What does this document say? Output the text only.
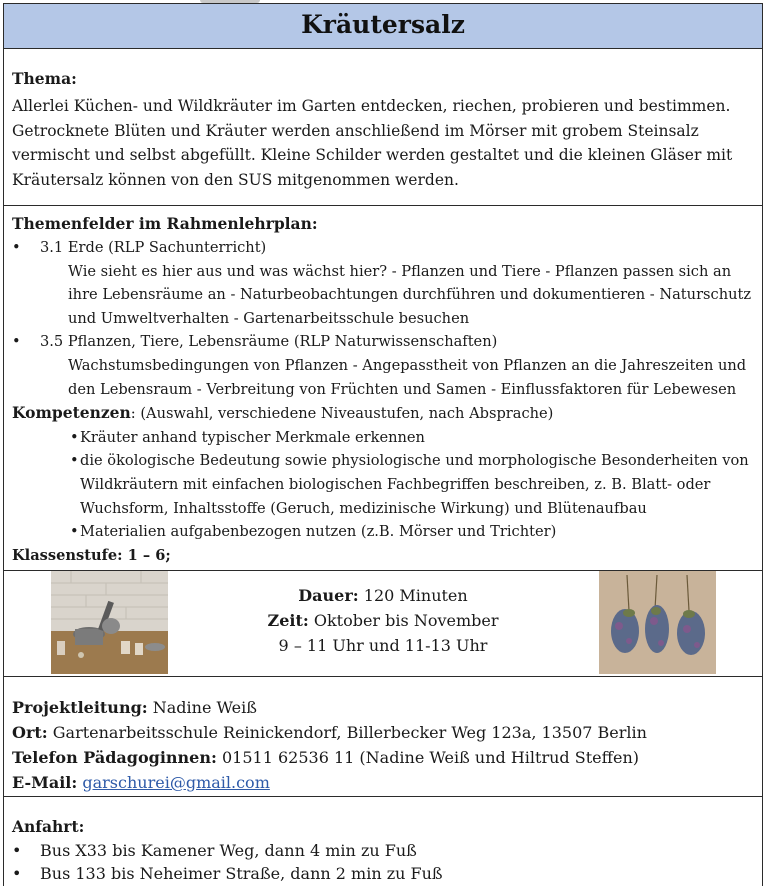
Kräutersalz
Thema:
Allerlei Küchen- und Wildkräuter im Garten entdecken, riechen, probieren und bestimmen. Getrocknete Blüten und Kräuter werden anschließend im Mörser mit grobem Steinsalz vermischt und selbst abgefüllt. Kleine Schilder werden gestaltet und die kleinen Gläser mit Kräutersalz können von den SUS mitgenommen werden.
Themenfelder im Rahmenlehrplan:
• 3.1 Erde (RLP Sachunterricht)
Wie sieht es hier aus und was wächst hier? - Pflanzen und Tiere - Pflanzen passen sich an ihre Lebensräume an - Naturbeobachtungen durchführen und dokumentieren - Naturschutz und Umweltverhalten - Gartenarbeitsschule besuchen
• 3.5 Pflanzen, Tiere, Lebensräume (RLP Naturwissenschaften)
Wachstumsbedingungen von Pflanzen - Angepasstheit von Pflanzen an die Jahreszeiten und den Lebensraum - Verbreitung von Früchten und Samen - Einflussfaktoren für Lebewesen
Kompetenzen: (Auswahl, verschiedene Niveaustufen, nach Absprache)
• Kräuter anhand typischer Merkmale erkennen
• die ökologische Bedeutung sowie physiologische und morphologische Besonderheiten von Wildkräutern mit einfachen biologischen Fachbegriffen beschreiben, z. B. Blatt- oder Wuchsform, Inhaltsstoffe (Geruch, medizinische Wirkung) und Blütenaufbau
• Materialien aufgabenbezogen nutzen (z.B. Mörser und Trichter)
Klassenstufe: 1 – 6;
Dauer: 120 Minuten
Zeit: Oktober bis November
9 – 11 Uhr und 11-13 Uhr
Projektleitung: Nadine Weiß
Ort: Gartenarbeitsschule Reinickendorf, Billerbecker Weg 123a, 13507 Berlin
Telefon Pädagoginnen: 01511 62536 11 (Nadine Weiß und Hiltrud Steffen)
E-Mail: garschurei@gmail.com
Anfahrt:
• Bus X33 bis Kamener Weg, dann 4 min zu Fuß
• Bus 133 bis Neheimer Straße, dann 2 min zu Fuß
